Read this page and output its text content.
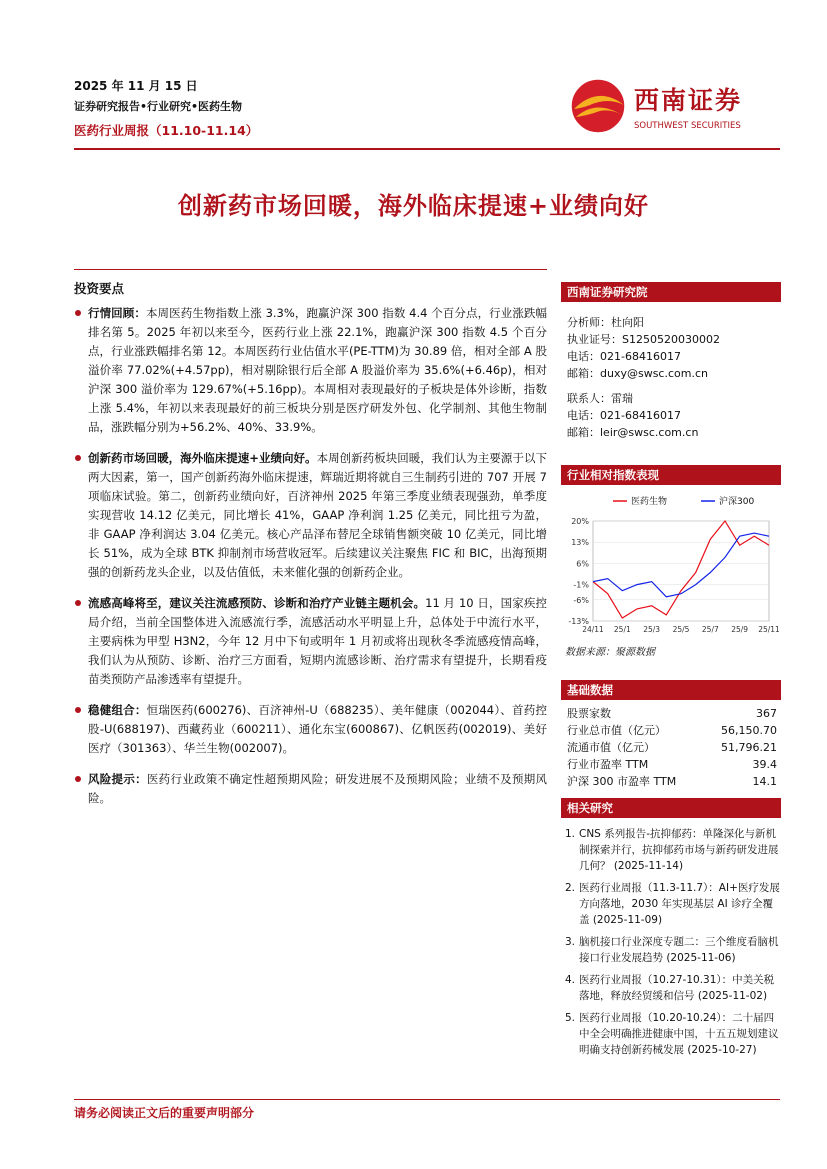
2025 年 11 月 15 日
证券研究报告•行业研究•医药生物
医药行业周报（11.10-11.14）
西南证券
SOUTHWEST SECURITIES
创新药市场回暖，海外临床提速+业绩向好
投资要点
行情回顾：本周医药生物指数上涨 3.3%，跑赢沪深 300 指数 4.4 个百分点，行业涨跌幅排名第 5。2025 年初以来至今，医药行业上涨 22.1%，跑赢沪深 300 指数 4.5 个百分点，行业涨跌幅排名第 12。本周医药行业估值水平(PE-TTM)为 30.89 倍，相对全部 A 股溢价率 77.02%(+4.57pp)，相对剔除银行后全部 A 股溢价率为 35.6%(+6.46p)，相对沪深 300 溢价率为 129.67%(+5.16pp)。本周相对表现最好的子板块是体外诊断，指数上涨 5.4%，年初以来表现最好的前三板块分别是医疗研发外包、化学制剂、其他生物制品，涨跌幅分别为+56.2%、40%、33.9%。
创新药市场回暖，海外临床提速+业绩向好。本周创新药板块回暖，我们认为主要源于以下两大因素，第一，国产创新药海外临床提速，辉瑞近期将就自三生制药引进的 707 开展 7 项临床试验。第二，创新药业绩向好，百济神州 2025 年第三季度业绩表现强劲，单季度实现营收 14.12 亿美元，同比增长 41%，GAAP 净利润 1.25 亿美元，同比扭亏为盈，非 GAAP 净利润达 3.04 亿美元。核心产品泽布替尼全球销售额突破 10 亿美元，同比增长 51%，成为全球 BTK 抑制剂市场营收冠军。后续建议关注聚焦 FIC 和 BIC，出海预期强的创新药龙头企业，以及估值低，未来催化强的创新药企业。
流感高峰将至，建议关注流感预防、诊断和治疗产业链主题机会。11 月 10 日，国家疾控局介绍，当前全国整体进入流感流行季，流感活动水平明显上升，总体处于中流行水平，主要病株为甲型 H3N2，今年 12 月中下旬或明年 1 月初或将出现秋冬季流感疫情高峰，我们认为从预防、诊断、治疗三方面看，短期内流感诊断、治疗需求有望提升，长期看疫苗类预防产品渗透率有望提升。
稳健组合：恒瑞医药(600276)、百济神州-U（688235）、美年健康（002044）、首药控股-U(688197)、西藏药业（600211）、通化东宝(600867)、亿帆医药(002019)、美好医疗（301363）、华兰生物(002007)。
风险提示：医药行业政策不确定性超预期风险；研发进展不及预期风险；业绩不及预期风险。
西南证券研究院
分析师：杜向阳
执业证号：S1250520030002
电话：021-68416017
邮箱：duxy@swsc.com.cn
联系人：雷瑞
电话：021-68416017
邮箱：leir@swsc.com.cn
行业相对指数表现
20%
13%
6%
-1%
-6%
-13%
24/11 25/1 25/3 25/5 25/7 25/9 25/11
医药生物	沪深300
数据来源：聚源数据
基础数据
股票家数	367
行业总市值（亿元）	56,150.70
流通市值（亿元）	51,796.21
行业市盈率 TTM	39.4
沪深 300 市盈率 TTM	14.1
相关研究
1. CNS 系列报告-抗抑郁药：单隆深化与新机制探索并行，抗抑郁药市场与新药研发进展几何？ (2025-11-14)
2. 医药行业周报（11.3-11.7）：AI+医疗发展方向落地，2030 年实现基层 AI 诊疗全覆盖 (2025-11-09)
3. 脑机接口行业深度专题二：三个维度看脑机接口行业发展趋势 (2025-11-06)
4. 医药行业周报（10.27-10.31）：中美关税落地，释放经贸缓和信号 (2025-11-02)
5. 医药行业周报（10.20-10.24）：二十届四中全会明确推进健康中国，十五五规划建议明确支持创新药械发展 (2025-10-27)
请务必阅读正文后的重要声明部分
